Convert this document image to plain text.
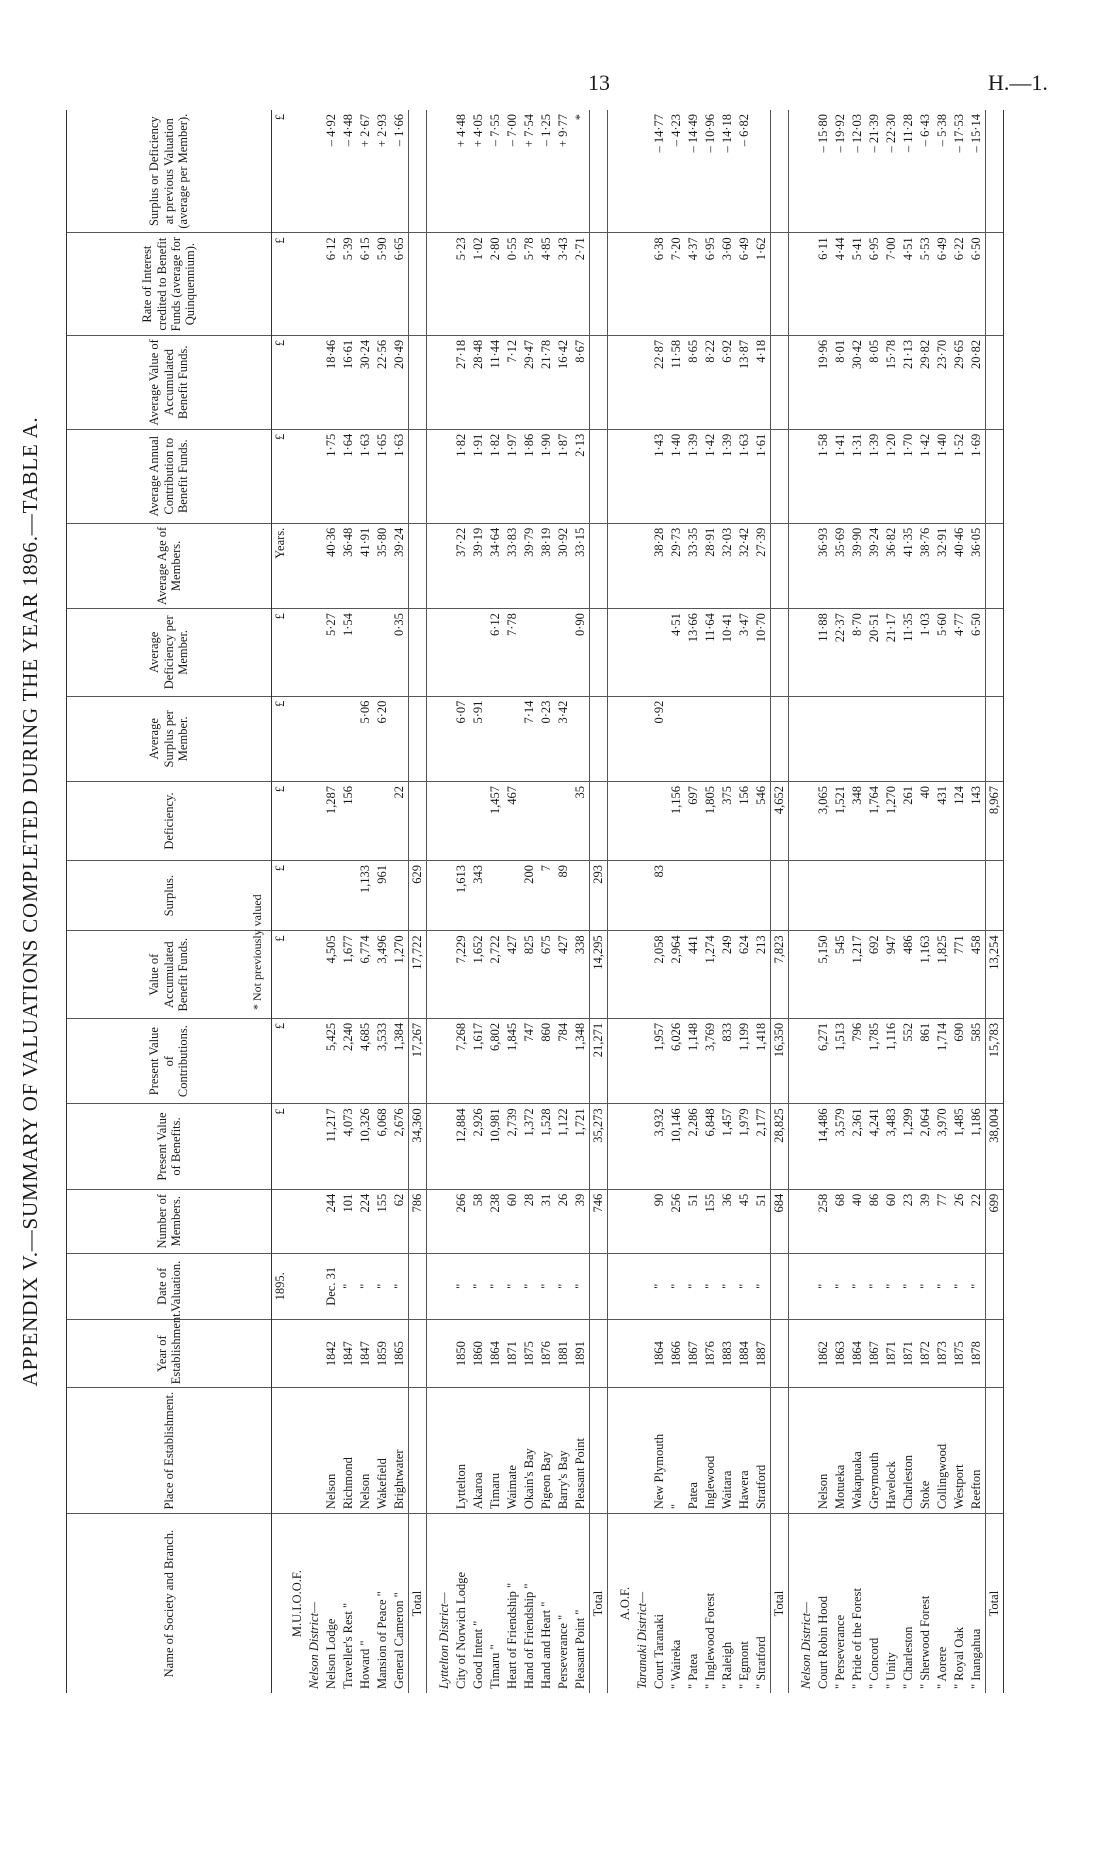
13	H.—1.
APPENDIX V.—SUMMARY OF VALUATIONS COMPLETED DURING THE YEAR 1896.—TABLE A.
Name of Society and Branch.	Place of Establishment.	Year of Establishment.	Date of Valuation.	Number of Members.	Present Value of Benefits.	Present Value of Contributions.	Value of Accumulated Benefit Funds.	Surplus.	Deficiency.	Average Surplus per Member.	Average Deficiency per Member.	Average Age of Members.	Average Annual Contribution to Benefit Funds.	Average Value of Accumulated Benefit Funds.	Rate of Interest credited to Benefit Funds (average for Quinquennium).	Surplus or Deficiency at previous Valuation (average per Member).
			1895.		£	£	£	£	£	£	£	Years.	£	£	£	£
M.U.I.O.O.F.																
Nelson District—																
Nelson Lodge	Nelson	1842	Dec. 31	244	11,217	5,425	4,505		1,287		5·27	40·36	1·75	18·46	6·12	– 4·92
Traveller's Rest "	Richmond	1847	"	101	4,073	2,240	1,677		156		1·54	36·48	1·64	16·61	5·39	– 4·48
Howard "	Nelson	1847	"	224	10,326	4,685	6,774	1,133		5·06		41·91	1·63	30·24	6·15	+ 2·67
Mansion of Peace "	Wakefield	1859	"	155	6,068	3,533	3,496	961		6·20		35·80	1·65	22·56	5·90	+ 2·93
General Cameron "	Brightwater	1865	"	62	2,676	1,384	1,270		22		0·35	39·24	1·63	20·49	6·65	– 1·66
Total				786	34,360	17,267	17,722	629								

Lyttelton District—																
City of Norwich Lodge	Lyttelton	1850	"	266	12,884	7,268	7,229	1,613		6·07		37·22	1·82	27·18	5·23	+ 4·48
Good Intent "	Akaroa	1860	"	58	2,926	1,617	1,652	343		5·91		39·19	1·91	28·48	1·02	+ 4·05
Timaru "	Timaru	1864	"	238	10,981	6,802	2,722		1,457		6·12	34·64	1·82	11·44	2·80	– 7·55
Heart of Friendship "	Waimate	1871	"	60	2,739	1,845	427		467		7·78	33·83	1·97	7·12	0·55	– 7·00
Hand of Friendship "	Okain's Bay	1875	"	28	1,372	747	825	200		7·14		39·79	1·86	29·47	5·78	+ 7·54
Hand and Heart "	Pigeon Bay	1876	"	31	1,528	860	675	7		0·23		38·19	1·90	21·78	4·85	– 1·25
Perseverance "	Barry's Bay	1881	"	26	1,122	784	427	89		3·42		30·92	1·87	16·42	3·43	+ 9·77
Pleasant Point "	Pleasant Point	1891	"	39	1,721	1,348	338		35		0·90	33·15	2·13	8·67	2·71	*
Total				746	35,273	21,271	14,295	293								

A.O.F.																
Taranaki District—																
Court Taranaki	New Plymouth	1864	"	90	3,932	1,957	2,058	83		0·92		38·28	1·43	22·87	6·38	– 14·77
" Waireka	"	1866	"	256	10,146	6,026	2,964		1,156		4·51	29·73	1·40	11·58	7·20	– 4·23
" Patea	Patea	1867	"	51	2,286	1,148	441		697		13·66	33·35	1·39	8·65	4·37	– 14·49
" Inglewood Forest	Inglewood	1876	"	155	6,848	3,769	1,274		1,805		11·64	28·91	1·42	8·22	6·95	– 10·96
" Raleigh	Waitara	1883	"	36	1,457	833	249		375		10·41	32·03	1·39	6·92	3·60	– 14·18
" Egmont	Hawera	1884	"	45	1,979	1,199	624		156		3·47	32·42	1·63	13·87	6·49	– 6·82
" Stratford	Stratford	1887	"	51	2,177	1,418	213		546		10·70	27·39	1·61	4·18	1·62	
Total				684	28,825	16,350	7,823		4,652							

Nelson District—																
Court Robin Hood	Nelson	1862	"	258	14,486	6,271	5,150		3,065		11·88	36·93	1·58	19·96	6·11	– 15·80
" Perseverance	Motueka	1863	"	68	3,579	1,513	545		1,521		22·37	35·69	1·41	8·01	4·44	– 19·92
" Pride of the Forest	Wakapuaka	1864	"	40	2,361	796	1,217		348		8·70	39·90	1·31	30·42	5·41	– 12·03
" Concord	Greymouth	1867	"	86	4,241	1,785	692		1,764		20·51	39·24	1·39	8·05	6·95	– 21·39
" Unity	Havelock	1871	"	60	3,483	1,116	947		1,270		21·17	36·82	1·20	15·78	7·00	– 22·30
" Charleston	Charleston	1871	"	23	1,299	552	486		261		11·35	41·35	1·70	21·13	4·51	– 11·28
" Sherwood Forest	Stoke	1872	"	39	2,064	861	1,163		40		1·03	38·76	1·42	29·82	5·53	– 6·43
" Aorere	Collingwood	1873	"	77	3,970	1,714	1,825		431		5·60	32·91	1·40	23·70	6·49	– 5·38
" Royal Oak	Westport	1875	"	26	1,485	690	771		124		4·77	40·46	1·52	29·65	6·22	– 17·53
" Inangahua	Reefton	1878	"	22	1,186	585	458		143		6·50	36·05	1·69	20·82	6·50	– 15·14
Total				699	38,004	15,783	13,254		8,967							
* Not previously valued
